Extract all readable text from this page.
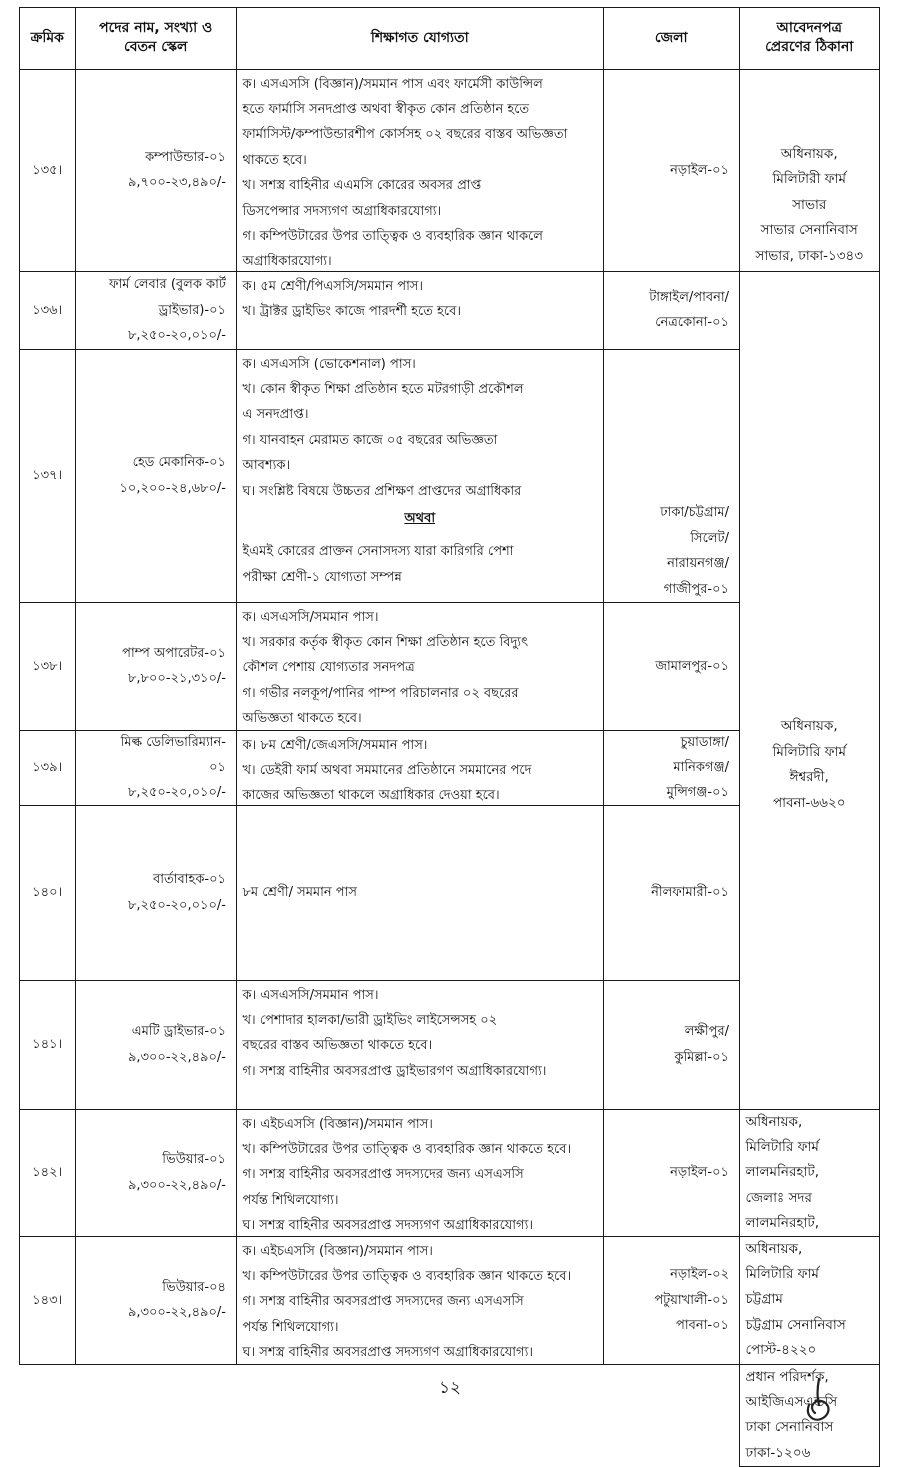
ক্রমিক
পদের নাম, সংখ্যা ও
বেতন স্কেল
শিক্ষাগত যোগ্যতা	জেলা
আবেদনপত্র
প্রেরণের ঠিকানা
১৩৫।
কম্পাউন্ডার-০১
৯,৭০০-২৩,৪৯০/-
ক। এসএসসি (বিজ্ঞান)/সমমান পাস এবং ফার্মেসী কাউন্সিল
হতে ফার্মাসি সনদপ্রাপ্ত অথবা স্বীকৃত কোন প্রতিষ্ঠান হতে
ফার্মাসিস্ট/কম্পাউন্ডারশীপ কোর্সসহ ০২ বছরের বাস্তব অভিজ্ঞতা
থাকতে হবে।
খ। সশস্ত্র বাহিনীর এএমসি কোরের অবসর প্রাপ্ত
ডিসপেন্সার সদস্যগণ অগ্রাধিকারযোগ্য।
গ। কম্পিউটারের উপর তাত্ত্বিক ও ব্যবহারিক জ্ঞান থাকলে
অগ্রাধিকারযোগ্য।
নড়াইল-০১
১৩৬।
ফার্ম লেবার (বুলক কার্ট
ড্রাইভার)-০১
৮,২৫০-২০,০১০/-
ক। ৫ম শ্রেণী/পিএসসি/সমমান পাস।
খ। ট্রাক্টর ড্রাইভিং কাজে পারদর্শী হতে হবে।
টাঙ্গাইল/পাবনা/
নেত্রকোনা-০১
১৩৭।
হেড মেকানিক-০১
১০,২০০-২৪,৬৮০/-
ক। এসএসসি (ভোকেশনাল) পাস।
খ। কোন স্বীকৃত শিক্ষা প্রতিষ্ঠান হতে মটরগাড়ী প্রকৌশল
এ সনদপ্রাপ্ত।
গ। যানবাহন মেরামত কাজে ০৫ বছরের অভিজ্ঞতা
আবশ্যক।
ঘ। সংশ্লিষ্ট বিষয়ে উচ্চতর প্রশিক্ষণ প্রাপ্তদের অগ্রাধিকার
অথবা
ইএমই কোরের প্রাক্তন সেনাসদস্য যারা কারিগরি পেশা
পরীক্ষা শ্রেণী-১ যোগ্যতা সম্পন্ন
ঢাকা/চট্টগ্রাম/
সিলেট/
নারায়নগঞ্জ/
গাজীপুর-০১
১৩৮।
পাম্প অপারেটর-০১
৮,৮০০-২১,৩১০/-
ক। এসএসসি/সমমান পাস।
খ। সরকার কর্তৃক স্বীকৃত কোন শিক্ষা প্রতিষ্ঠান হতে বিদ্যুৎ
কৌশল পেশায় যোগ্যতার সনদপত্র
গ। গভীর নলকূপ/পানির পাম্প পরিচালনার ০২ বছরের
অভিজ্ঞতা থাকতে হবে।
জামালপুর-০১
১৩৯।
মিল্ক ডেলিভারিম্যান-
০১
৮,২৫০-২০,০১০/-
ক। ৮ম শ্রেণী/জেএসসি/সমমান পাস।
খ। ডেইরী ফার্ম অথবা সমমানের প্রতিষ্ঠানে সমমানের পদে
কাজের অভিজ্ঞতা থাকলে অগ্রাধিকার দেওয়া হবে।
চুয়াডাঙ্গা/
মানিকগঞ্জ/
মুন্সিগঞ্জ-০১
১৪০।
বার্তাবাহক-০১
৮,২৫০-২০,০১০/-
৮ম শ্রেণী/ সমমান পাস	নীলফামারী-০১
১৪১।
এমটি ড্রাইভার-০১
৯,৩০০-২২,৪৯০/-
ক। এসএসসি/সমমান পাস।
খ। পেশাদার হালকা/ভারী ড্রাইভিং লাইসেন্সসহ ০২
বছরের বাস্তব অভিজ্ঞতা থাকতে হবে।
গ। সশস্ত্র বাহিনীর অবসরপ্রাপ্ত ড্রাইভারগণ অগ্রাধিকারযোগ্য।
লক্ষীপুর/
কুমিল্লা-০১
১৪২।
ভিউয়ার-০১
৯,৩০০-২২,৪৯০/-
ক। এইচএসসি (বিজ্ঞান)/সমমান পাস।
খ। কম্পিউটারের উপর তাত্ত্বিক ও ব্যবহারিক জ্ঞান থাকতে হবে।
গ। সশস্ত্র বাহিনীর অবসরপ্রাপ্ত সদস্যদের জন্য এসএসসি
পর্যন্ত শিথিলযোগ্য।
ঘ। সশস্ত্র বাহিনীর অবসরপ্রাপ্ত সদস্যগণ অগ্রাধিকারযোগ্য।
নড়াইল-০১
১৪৩।
ভিউয়ার-০৪
৯,৩০০-২২,৪৯০/-
ক। এইচএসসি (বিজ্ঞান)/সমমান পাস।
খ। কম্পিউটারের উপর তাত্ত্বিক ও ব্যবহারিক জ্ঞান থাকতে হবে।
গ। সশস্ত্র বাহিনীর অবসরপ্রাপ্ত সদস্যদের জন্য এসএসসি
পর্যন্ত শিথিলযোগ্য।
ঘ। সশস্ত্র বাহিনীর অবসরপ্রাপ্ত সদস্যগণ অগ্রাধিকারযোগ্য।
নড়াইল-০২
পটুয়াখালী-০১
পাবনা-০১
অধিনায়ক,
মিলিটারী ফার্ম
সাভার
সাভার সেনানিবাস
সাভার, ঢাকা-১৩৪৩
অধিনায়ক,
মিলিটারি ফার্ম
ঈশ্বরদী,
পাবনা-৬৬২০
অধিনায়ক,
মিলিটারি ফার্ম
লালমনিরহাট,
জেলাঃ সদর
লালমনিরহাট,
অধিনায়ক,
মিলিটারি ফার্ম
চট্টগ্রাম
চট্টগ্রাম সেনানিবাস
পোস্ট-৪২২০
প্রধান পরিদর্শক,
আইজিএসএন্ডসি
ঢাকা সেনানিবাস
ঢাকা-১২০৬
১২
